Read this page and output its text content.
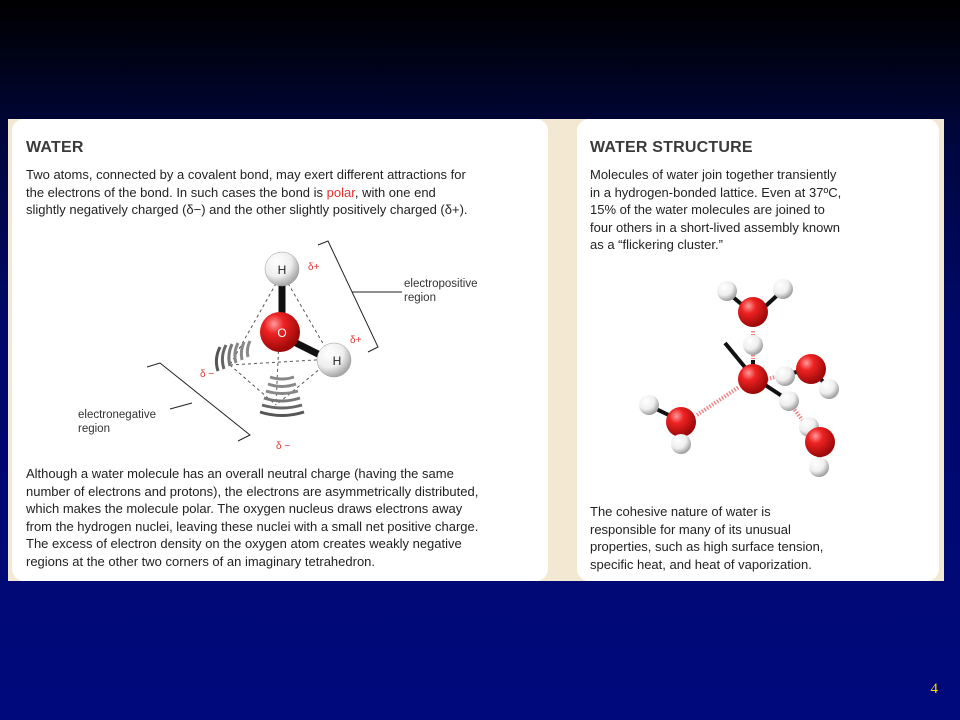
WATER
Two atoms, connected by a covalent bond, may exert different attractions for
the electrons of the bond. In such cases the bond is polar, with one end
slightly negatively charged (δ−) and the other slightly positively charged (δ+).
H
H
O
δ+
δ+
δ −
δ −
electropositive
region
electronegative
region
Although a water molecule has an overall neutral charge (having the same
number of electrons and protons), the electrons are asymmetrically distributed,
which makes the molecule polar. The oxygen nucleus draws electrons away
from the hydrogen nuclei, leaving these nuclei with a small net positive charge.
The excess of electron density on the oxygen atom creates weakly negative
regions at the other two corners of an imaginary tetrahedron.
WATER STRUCTURE
Molecules of water join together transiently
in a hydrogen-bonded lattice. Even at 37ºC,
15% of the water molecules are joined to
four others in a short-lived assembly known
as a “flickering cluster.”
The cohesive nature of water is
responsible for many of its unusual
properties, such as high surface tension,
specific heat, and heat of vaporization.
4
